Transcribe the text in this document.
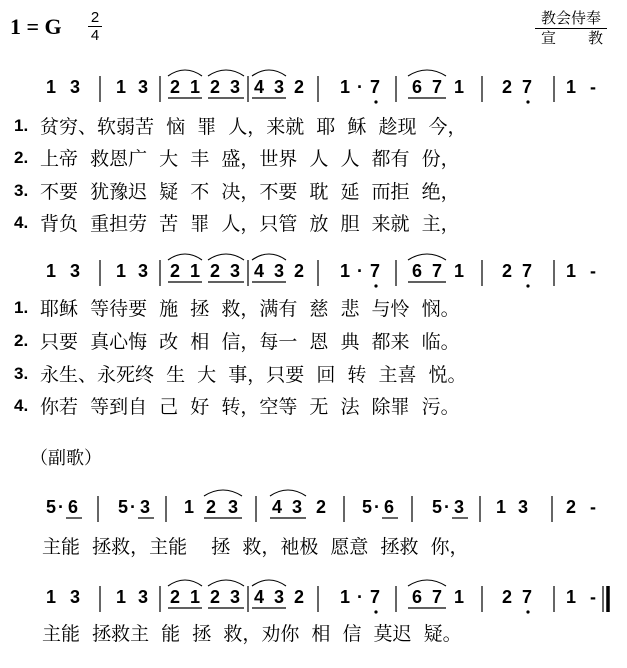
1 = G 2
4
教会侍奉
宣 教
1 3 1 3 2 1 2 3 4 3 2 1 · 7 6 7 1 2 7 1 -
1.
2.
3.
4.
贫穷、软弱苦  恼  罪  人，来就  耶  稣  趁现  今，
上帝  救恩广  大  丰  盛，世界  人  人  都有  份，
不要  犹豫迟  疑  不  决，不要  耽  延  而拒  绝，
背负  重担劳  苦  罪  人，只管  放  胆  来就  主，
1 3 1 3 2 1 2 3 4 3 2 1 · 7 6 7 1 2 7 1 -
1.
2.
3.
4.
耶稣  等待要  施  拯  救，满有  慈  悲  与怜  悯。
只要  真心悔  改  相  信，每一  恩  典  都来  临。
永生、永死终  生  大  事，只要  回  转  主喜  悦。
你若  等到自  己  好  转，空等  无  法  除罪  污。
（副歌）
5 · 6 5 · 3 1 2 3 4 3 2 5 · 6 5 · 3 1 3 2 -
主能  拯救，主能    拯  救，祂极  愿意  拯救  你，
1 3 1 3 2 1 2 3 4 3 2 1 · 7 6 7 1 2 7 1 -
主能  拯救主  能  拯  救，劝你  相  信  莫迟  疑。
